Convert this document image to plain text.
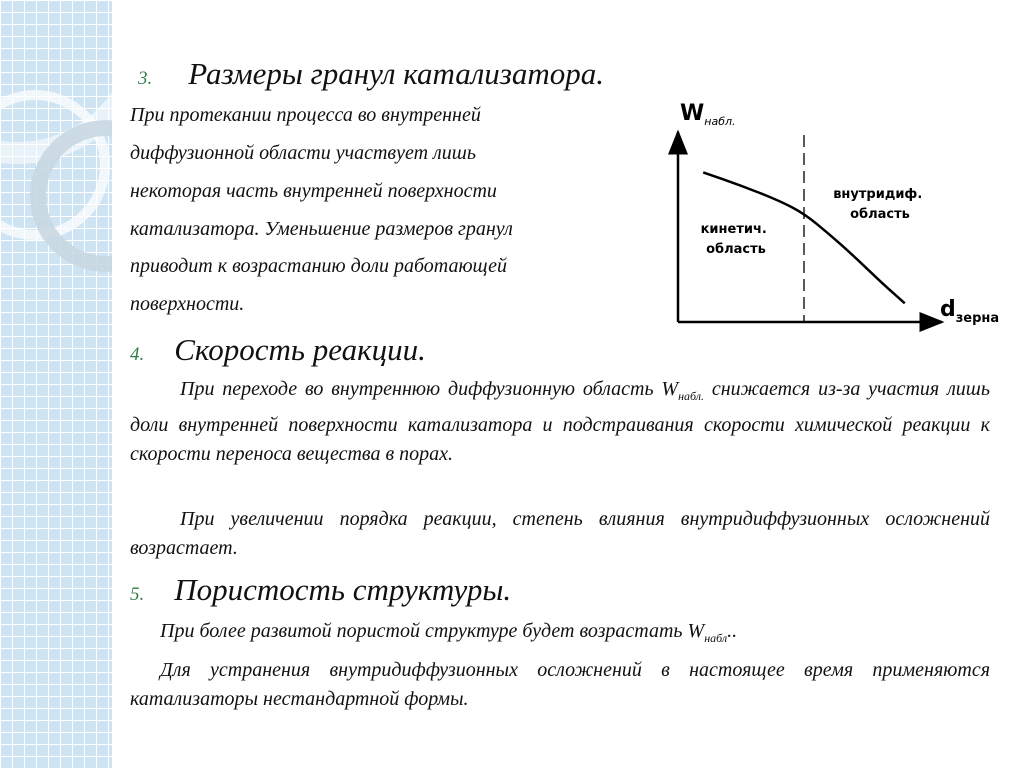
3. Размеры гранул катализатора.
При протекании процесса во внутренней
диффузионной области участвует лишь
некоторая часть внутренней поверхности
катализатора. Уменьшение размеров гранул
приводит к возрастанию доли работающей
поверхности.
$W_{набл.}$
$d_{зерна}$
кинетич. область
внутридиф. область
4. Скорость реакции.
При переходе во внутреннюю диффузионную область $W_{набл.}$ снижается из-за участия лишь доли внутренней поверхности катализатора и подстраивания скорости химической реакции к скорости переноса вещества в порах.
При увеличении порядка реакции, степень влияния внутридиффузионных осложнений возрастает.
5. Пористость структуры.
При более развитой пористой структуре будет возрастать $W_{набл}$..
Для устранения внутридиффузионных осложнений в настоящее время применяются катализаторы нестандартной формы.
